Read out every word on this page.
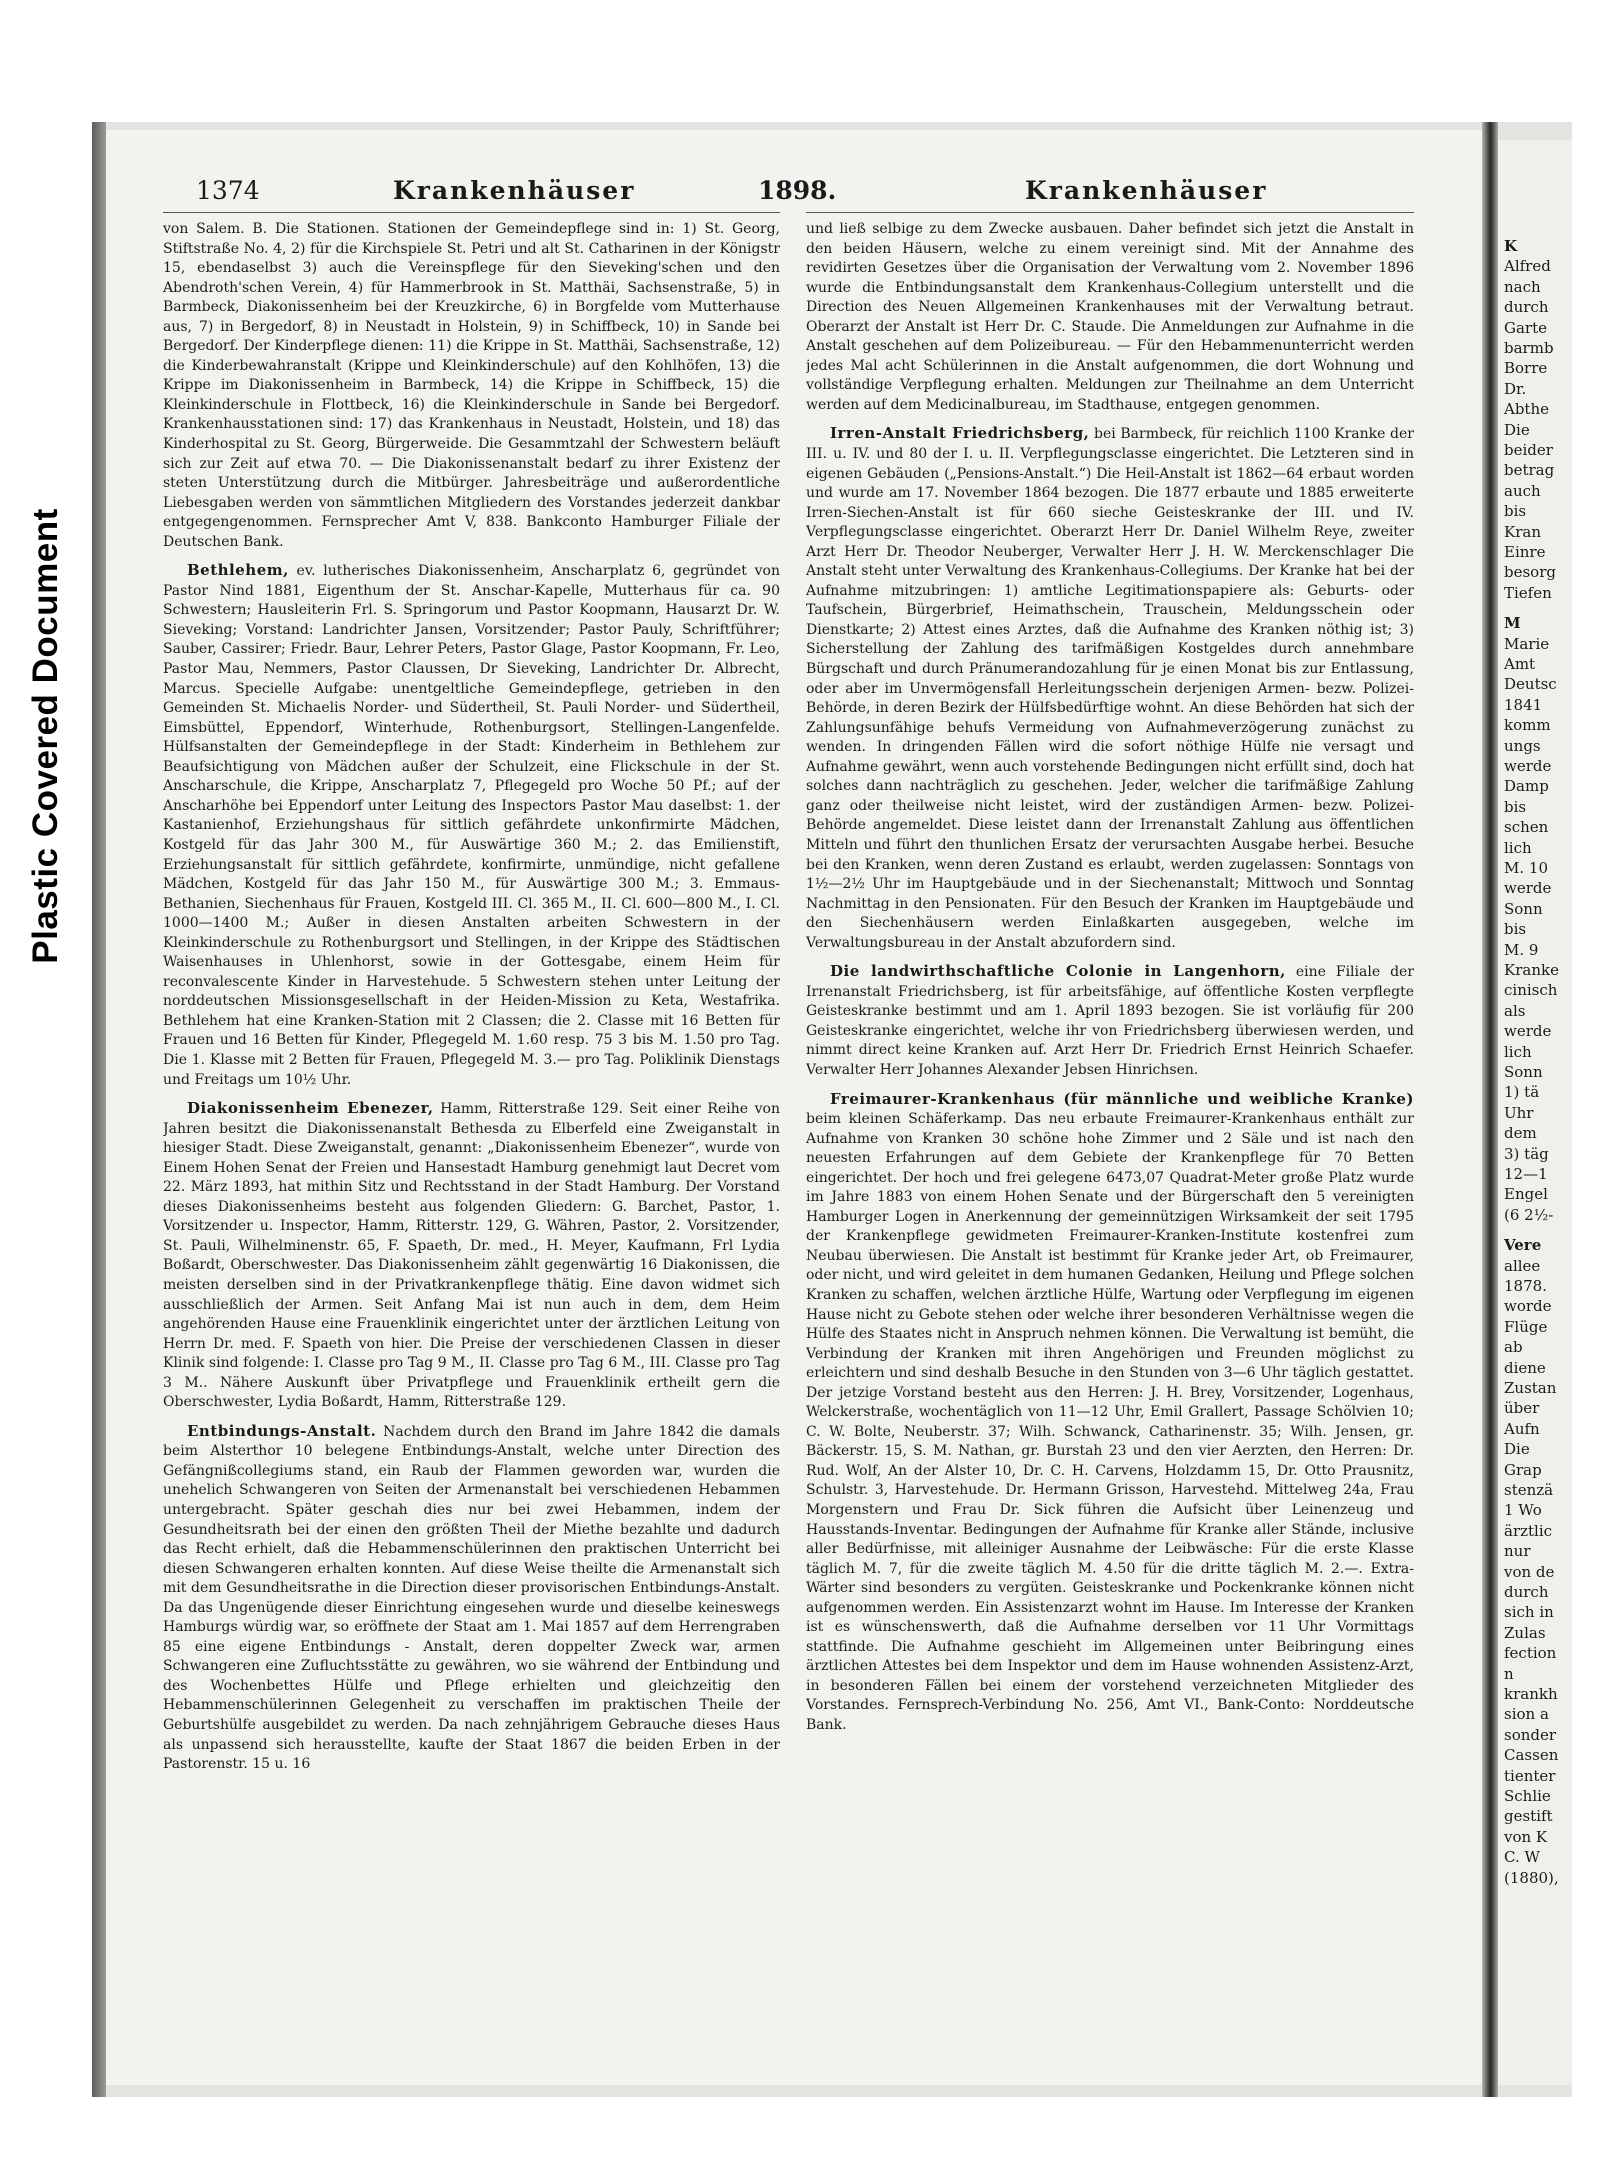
Plastic Covered Document
1374	Krankenhäuser	1898.	Krankenhäuser

von Salem. B. Die Stationen. Stationen der Gemeindepflege sind in: 1) St. Georg, Stiftstraße No. 4, 2) für die Kirchspiele St. Petri und alt St. Catharinen in der Königstr 15, ebendaselbst 3) auch die Vereinspflege für den Sieveking'schen und den Abendroth'schen Verein, 4) für Hammerbrook in St. Matthäi, Sachsenstraße, 5) in Barmbeck, Diakonissenheim bei der Kreuzkirche, 6) in Borgfelde vom Mutterhause aus, 7) in Bergedorf, 8) in Neustadt in Holstein, 9) in Schiffbeck, 10) in Sande bei Bergedorf. Der Kinderpflege dienen: 11) die Krippe in St. Matthäi, Sachsenstraße, 12) die Kinderbewahranstalt (Krippe und Kleinkinderschule) auf den Kohlhöfen, 13) die Krippe im Diakonissenheim in Barmbeck, 14) die Krippe in Schiffbeck, 15) die Kleinkinderschule in Flottbeck, 16) die Kleinkinderschule in Sande bei Bergedorf. Krankenhausstationen sind: 17) das Krankenhaus in Neustadt, Holstein, und 18) das Kinderhospital zu St. Georg, Bürgerweide. Die Gesammtzahl der Schwestern beläuft sich zur Zeit auf etwa 70. — Die Diakonissenanstalt bedarf zu ihrer Existenz der steten Unterstützung durch die Mitbürger. Jahresbeiträge und außerordentliche Liebesgaben werden von sämmtlichen Mitgliedern des Vorstandes jederzeit dankbar entgegengenommen. Fernsprecher Amt V, 838. Bankconto Hamburger Filiale der Deutschen Bank.

Bethlehem, ev. lutherisches Diakonissenheim, Anscharplatz 6, gegründet von Pastor Nind 1881, Eigenthum der St. Anschar-Kapelle, Mutterhaus für ca. 90 Schwestern; Hausleiterin Frl. S. Springorum und Pastor Koopmann, Hausarzt Dr. W. Sieveking; Vorstand: Landrichter Jansen, Vorsitzender; Pastor Pauly, Schriftführer; Sauber, Cassirer; Friedr. Baur, Lehrer Peters, Pastor Glage, Pastor Koopmann, Fr. Leo, Pastor Mau, Nemmers, Pastor Claussen, Dr Sieveking, Landrichter Dr. Albrecht, Marcus. Specielle Aufgabe: unentgeltliche Gemeindepflege, getrieben in den Gemeinden St. Michaelis Norder- und Südertheil, St. Pauli Norder- und Südertheil, Eimsbüttel, Eppendorf, Winterhude, Rothenburgsort, Stellingen-Langenfelde. Hülfsanstalten der Gemeindepflege in der Stadt: Kinderheim in Bethlehem zur Beaufsichtigung von Mädchen außer der Schulzeit, eine Flickschule in der St. Anscharschule, die Krippe, Anscharplatz 7, Pflegegeld pro Woche 50 Pf.; auf der Anscharhöhe bei Eppendorf unter Leitung des Inspectors Pastor Mau daselbst: 1. der Kastanienhof, Erziehungshaus für sittlich gefährdete unkonfirmirte Mädchen, Kostgeld für das Jahr 300 M., für Auswärtige 360 M.; 2. das Emilienstift, Erziehungsanstalt für sittlich gefährdete, konfirmirte, unmündige, nicht gefallene Mädchen, Kostgeld für das Jahr 150 M., für Auswärtige 300 M.; 3. Emmaus-Bethanien, Siechenhaus für Frauen, Kostgeld III. Cl. 365 M., II. Cl. 600—800 M., I. Cl. 1000—1400 M.; Außer in diesen Anstalten arbeiten Schwestern in der Kleinkinderschule zu Rothenburgsort und Stellingen, in der Krippe des Städtischen Waisenhauses in Uhlenhorst, sowie in der Gottesgabe, einem Heim für reconvalescente Kinder in Harvestehude. 5 Schwestern stehen unter Leitung der norddeutschen Missionsgesellschaft in der Heiden-Mission zu Keta, Westafrika. Bethlehem hat eine Kranken-Station mit 2 Classen; die 2. Classe mit 16 Betten für Frauen und 16 Betten für Kinder, Pflegegeld M. 1.60 resp. 75 3 bis M. 1.50 pro Tag. Die 1. Klasse mit 2 Betten für Frauen, Pflegegeld M. 3.— pro Tag. Poliklinik Dienstags und Freitags um 10½ Uhr.

Diakonissenheim Ebenezer, Hamm, Ritterstraße 129. Seit einer Reihe von Jahren besitzt die Diakonissenanstalt Bethesda zu Elberfeld eine Zweiganstalt in hiesiger Stadt. Diese Zweiganstalt, genannt: „Diakonissenheim Ebenezer“, wurde von Einem Hohen Senat der Freien und Hansestadt Hamburg genehmigt laut Decret vom 22. März 1893, hat mithin Sitz und Rechtsstand in der Stadt Hamburg. Der Vorstand dieses Diakonissenheims besteht aus folgenden Gliedern: G. Barchet, Pastor, 1. Vorsitzender u. Inspector, Hamm, Ritterstr. 129, G. Währen, Pastor, 2. Vorsitzender, St. Pauli, Wilhelminenstr. 65, F. Spaeth, Dr. med., H. Meyer, Kaufmann, Frl Lydia Boßardt, Oberschwester. Das Diakonissenheim zählt gegenwärtig 16 Diakonissen, die meisten derselben sind in der Privatkrankenpflege thätig. Eine davon widmet sich ausschließlich der Armen. Seit Anfang Mai ist nun auch in dem, dem Heim angehörenden Hause eine Frauenklinik eingerichtet unter der ärztlichen Leitung von Herrn Dr. med. F. Spaeth von hier. Die Preise der verschiedenen Classen in dieser Klinik sind folgende: I. Classe pro Tag 9 M., II. Classe pro Tag 6 M., III. Classe pro Tag 3 M.. Nähere Auskunft über Privatpflege und Frauenklinik ertheilt gern die Oberschwester, Lydia Boßardt, Hamm, Ritterstraße 129.

Entbindungs-Anstalt. Nachdem durch den Brand im Jahre 1842 die damals beim Alsterthor 10 belegene Entbindungs-Anstalt, welche unter Direction des Gefängnißcollegiums stand, ein Raub der Flammen geworden war, wurden die unehelich Schwangeren von Seiten der Armenanstalt bei verschiedenen Hebammen untergebracht. Später geschah dies nur bei zwei Hebammen, indem der Gesundheitsrath bei der einen den größten Theil der Miethe bezahlte und dadurch das Recht erhielt, daß die Hebammenschülerinnen den praktischen Unterricht bei diesen Schwangeren erhalten konnten. Auf diese Weise theilte die Armenanstalt sich mit dem Gesundheitsrathe in die Direction dieser provisorischen Entbindungs-Anstalt. Da das Ungenügende dieser Einrichtung eingesehen wurde und dieselbe keineswegs Hamburgs würdig war, so eröffnete der Staat am 1. Mai 1857 auf dem Herrengraben 85 eine eigene Entbindungs - Anstalt, deren doppelter Zweck war, armen Schwangeren eine Zufluchtsstätte zu gewähren, wo sie während der Entbindung und des Wochenbettes Hülfe und Pflege erhielten und gleichzeitig den Hebammenschülerinnen Gelegenheit zu verschaffen im praktischen Theile der Geburtshülfe ausgebildet zu werden. Da nach zehnjährigem Gebrauche dieses Haus als unpassend sich herausstellte, kaufte der Staat 1867 die beiden Erben in der Pastorenstr. 15 u. 16

und ließ selbige zu dem Zwecke ausbauen. Daher befindet sich jetzt die Anstalt in den beiden Häusern, welche zu einem vereinigt sind. Mit der Annahme des revidirten Gesetzes über die Organisation der Verwaltung vom 2. November 1896 wurde die Entbindungsanstalt dem Krankenhaus-Collegium unterstellt und die Direction des Neuen Allgemeinen Krankenhauses mit der Verwaltung betraut. Oberarzt der Anstalt ist Herr Dr. C. Staude. Die Anmeldungen zur Aufnahme in die Anstalt geschehen auf dem Polizeibureau. — Für den Hebammenunterricht werden jedes Mal acht Schülerinnen in die Anstalt aufgenommen, die dort Wohnung und vollständige Verpflegung erhalten. Meldungen zur Theilnahme an dem Unterricht werden auf dem Medicinalbureau, im Stadthause, entgegen genommen.

Irren-Anstalt Friedrichsberg, bei Barmbeck, für reichlich 1100 Kranke der III. u. IV. und 80 der I. u. II. Verpflegungsclasse eingerichtet. Die Letzteren sind in eigenen Gebäuden („Pensions-Anstalt.“) Die Heil-Anstalt ist 1862—64 erbaut worden und wurde am 17. November 1864 bezogen. Die 1877 erbaute und 1885 erweiterte Irren-Siechen-Anstalt ist für 660 sieche Geisteskranke der III. und IV. Verpflegungsclasse eingerichtet. Oberarzt Herr Dr. Daniel Wilhelm Reye, zweiter Arzt Herr Dr. Theodor Neuberger, Verwalter Herr J. H. W. Merckenschlager Die Anstalt steht unter Verwaltung des Krankenhaus-Collegiums. Der Kranke hat bei der Aufnahme mitzubringen: 1) amtliche Legitimationspapiere als: Geburts- oder Taufschein, Bürgerbrief, Heimathschein, Trauschein, Meldungsschein oder Dienstkarte; 2) Attest eines Arztes, daß die Aufnahme des Kranken nöthig ist; 3) Sicherstellung der Zahlung des tarifmäßigen Kostgeldes durch annehmbare Bürgschaft und durch Pränumerandozahlung für je einen Monat bis zur Entlassung, oder aber im Unvermögensfall Herleitungsschein derjenigen Armen- bezw. Polizei-Behörde, in deren Bezirk der Hülfsbedürftige wohnt. An diese Behörden hat sich der Zahlungsunfähige behufs Vermeidung von Aufnahmeverzögerung zunächst zu wenden. In dringenden Fällen wird die sofort nöthige Hülfe nie versagt und Aufnahme gewährt, wenn auch vorstehende Bedingungen nicht erfüllt sind, doch hat solches dann nachträglich zu geschehen. Jeder, welcher die tarifmäßige Zahlung ganz oder theilweise nicht leistet, wird der zuständigen Armen- bezw. Polizei-Behörde angemeldet. Diese leistet dann der Irrenanstalt Zahlung aus öffentlichen Mitteln und führt den thunlichen Ersatz der verursachten Ausgabe herbei. Besuche bei den Kranken, wenn deren Zustand es erlaubt, werden zugelassen: Sonntags von 1½—2½ Uhr im Hauptgebäude und in der Siechenanstalt; Mittwoch und Sonntag Nachmittag in den Pensionaten. Für den Besuch der Kranken im Hauptgebäude und den Siechenhäusern werden Einlaßkarten ausgegeben, welche im Verwaltungsbureau in der Anstalt abzufordern sind.

Die landwirthschaftliche Colonie in Langenhorn, eine Filiale der Irrenanstalt Friedrichsberg, ist für arbeitsfähige, auf öffentliche Kosten verpflegte Geisteskranke bestimmt und am 1. April 1893 bezogen. Sie ist vorläufig für 200 Geisteskranke eingerichtet, welche ihr von Friedrichsberg überwiesen werden, und nimmt direct keine Kranken auf. Arzt Herr Dr. Friedrich Ernst Heinrich Schaefer. Verwalter Herr Johannes Alexander Jebsen Hinrichsen.

Freimaurer-Krankenhaus (für männliche und weibliche Kranke) beim kleinen Schäferkamp. Das neu erbaute Freimaurer-Krankenhaus enthält zur Aufnahme von Kranken 30 schöne hohe Zimmer und 2 Säle und ist nach den neuesten Erfahrungen auf dem Gebiete der Krankenpflege für 70 Betten eingerichtet. Der hoch und frei gelegene 6473,07 Quadrat-Meter große Platz wurde im Jahre 1883 von einem Hohen Senate und der Bürgerschaft den 5 vereinigten Hamburger Logen in Anerkennung der gemeinnützigen Wirksamkeit der seit 1795 der Krankenpflege gewidmeten Freimaurer-Kranken-Institute kostenfrei zum Neubau überwiesen. Die Anstalt ist bestimmt für Kranke jeder Art, ob Freimaurer, oder nicht, und wird geleitet in dem humanen Gedanken, Heilung und Pflege solchen Kranken zu schaffen, welchen ärztliche Hülfe, Wartung oder Verpflegung im eigenen Hause nicht zu Gebote stehen oder welche ihrer besonderen Verhältnisse wegen die Hülfe des Staates nicht in Anspruch nehmen können. Die Verwaltung ist bemüht, die Verbindung der Kranken mit ihren Angehörigen und Freunden möglichst zu erleichtern und sind deshalb Besuche in den Stunden von 3—6 Uhr täglich gestattet. Der jetzige Vorstand besteht aus den Herren: J. H. Brey, Vorsitzender, Logenhaus, Welckerstraße, wochentäglich von 11—12 Uhr, Emil Grallert, Passage Schölvien 10; C. W. Bolte, Neuberstr. 37; Wilh. Schwanck, Catharinenstr. 35; Wilh. Jensen, gr. Bäckerstr. 15, S. M. Nathan, gr. Burstah 23 und den vier Aerzten, den Herren: Dr. Rud. Wolf, An der Alster 10, Dr. C. H. Carvens, Holzdamm 15, Dr. Otto Prausnitz, Schulstr. 3, Harvestehude. Dr. Hermann Grisson, Harvestehd. Mittelweg 24a, Frau Morgenstern und Frau Dr. Sick führen die Aufsicht über Leinenzeug und Hausstands-Inventar. Bedingungen der Aufnahme für Kranke aller Stände, inclusive aller Bedürfnisse, mit alleiniger Ausnahme der Leibwäsche: Für die erste Klasse täglich M. 7, für die zweite täglich M. 4.50 für die dritte täglich M. 2.—. Extra-Wärter sind besonders zu vergüten. Geisteskranke und Pockenkranke können nicht aufgenommen werden. Ein Assistenzarzt wohnt im Hause. Im Interesse der Kranken ist es wünschenswerth, daß die Aufnahme derselben vor 11 Uhr Vormittags stattfinde. Die Aufnahme geschieht im Allgemeinen unter Beibringung eines ärztlichen Attestes bei dem Inspektor und dem im Hause wohnenden Assistenz-Arzt, in besonderen Fällen bei einem der vorstehend verzeichneten Mitglieder des Vorstandes. Fernsprech-Verbindung No. 256, Amt VI., Bank-Conto: Norddeutsche Bank.

K
Alfred
nach
durch
Garte
barmb
Borre
Dr.
Abthe
Die
beider
betrag
auch
bis
Kran
Einre
besorg
Tiefen
M
Marie
Amt
Deutsc
1841
komm
ungs
werde
Damp
bis
schen
lich
M. 10
werde
Sonn
bis
M. 9
Kranke
cinisch
als
werde
lich
Sonn
1) tä
Uhr
dem
3) täg
12—1
Engel
(6 2½-
Vere
allee
1878.
worde
Flüge
ab
diene
Zustan
über
Aufn
Die
Grap
stenzä
1 Wo
ärztlic
nur
von de
durch
sich in
Zulas
fection
n
krankh
sion a
sonder
Cassen
tienter
Schlie
gestift
von K
C. W
(1880),
